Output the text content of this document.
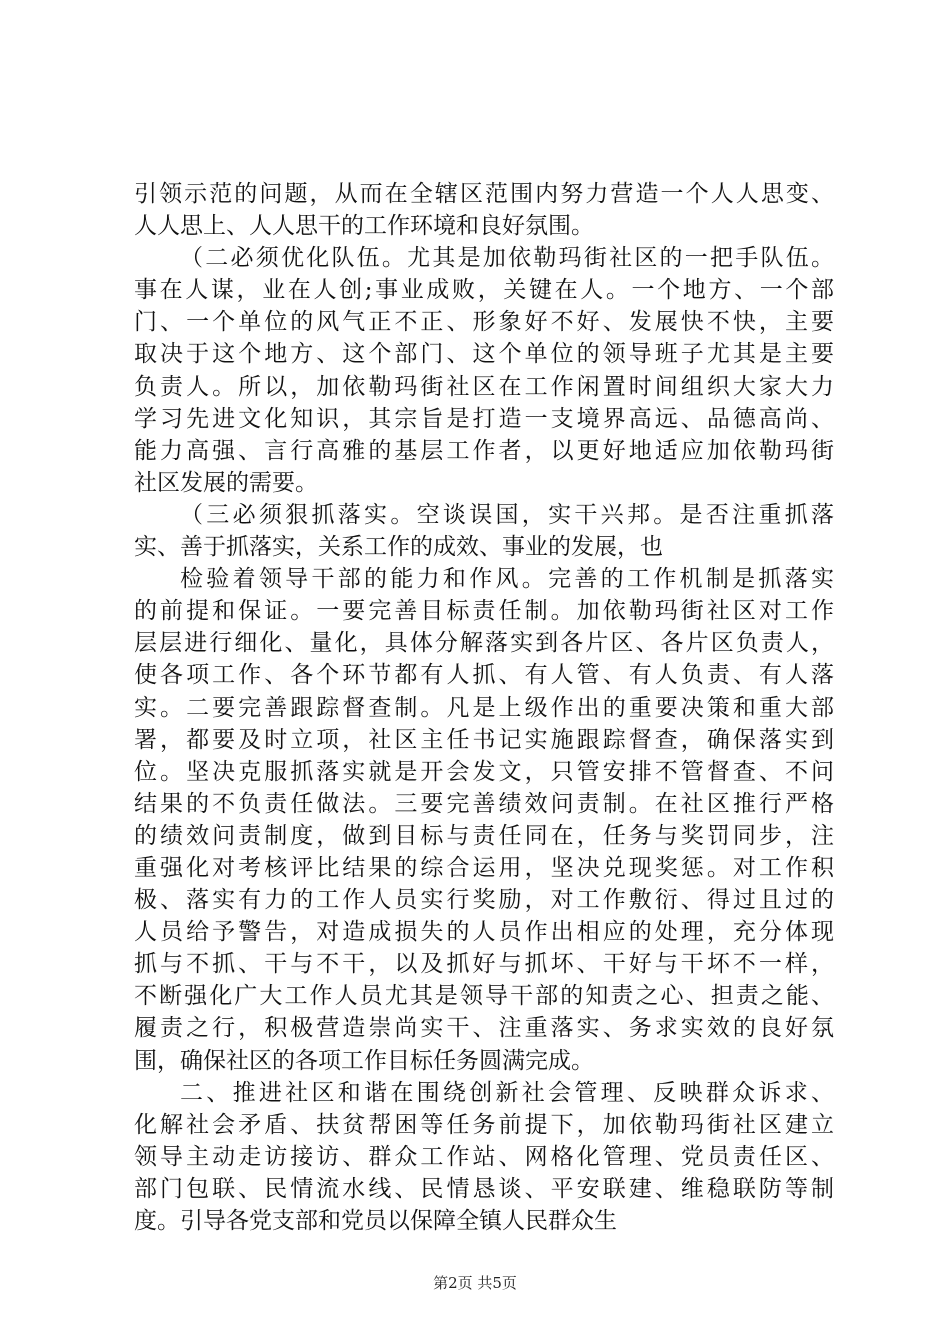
引领示范的问题，从而在全辖区范围内努力营造一个人人思变、
人人思上、人人思干的工作环境和良好氛围。
（二必须优化队伍。尤其是加依勒玛街社区的一把手队伍。
事在人谋，业在人创;事业成败，关键在人。一个地方、一个部
门、一个单位的风气正不正、形象好不好、发展快不快，主要
取决于这个地方、这个部门、这个单位的领导班子尤其是主要
负责人。所以，加依勒玛街社区在工作闲置时间组织大家大力
学习先进文化知识，其宗旨是打造一支境界高远、品德高尚、
能力高强、言行高雅的基层工作者，以更好地适应加依勒玛街
社区发展的需要。
（三必须狠抓落实。空谈误国，实干兴邦。是否注重抓落
实、善于抓落实，关系工作的成效、事业的发展，也
检验着领导干部的能力和作风。完善的工作机制是抓落实
的前提和保证。一要完善目标责任制。加依勒玛街社区对工作
层层进行细化、量化，具体分解落实到各片区、各片区负责人，
使各项工作、各个环节都有人抓、有人管、有人负责、有人落
实。二要完善跟踪督查制。凡是上级作出的重要决策和重大部
署，都要及时立项，社区主任书记实施跟踪督查，确保落实到
位。坚决克服抓落实就是开会发文，只管安排不管督查、不问
结果的不负责任做法。三要完善绩效问责制。在社区推行严格
的绩效问责制度，做到目标与责任同在，任务与奖罚同步，注
重强化对考核评比结果的综合运用，坚决兑现奖惩。对工作积
极、落实有力的工作人员实行奖励，对工作敷衍、得过且过的
人员给予警告，对造成损失的人员作出相应的处理，充分体现
抓与不抓、干与不干，以及抓好与抓坏、干好与干坏不一样，
不断强化广大工作人员尤其是领导干部的知责之心、担责之能、
履责之行，积极营造崇尚实干、注重落实、务求实效的良好氛
围，确保社区的各项工作目标任务圆满完成。
二、推进社区和谐在围绕创新社会管理、反映群众诉求、
化解社会矛盾、扶贫帮困等任务前提下，加依勒玛街社区建立
领导主动走访接访、群众工作站、网格化管理、党员责任区、
部门包联、民情流水线、民情恳谈、平安联建、维稳联防等制
度。引导各党支部和党员以保障全镇人民群众生
第2页 共5页
